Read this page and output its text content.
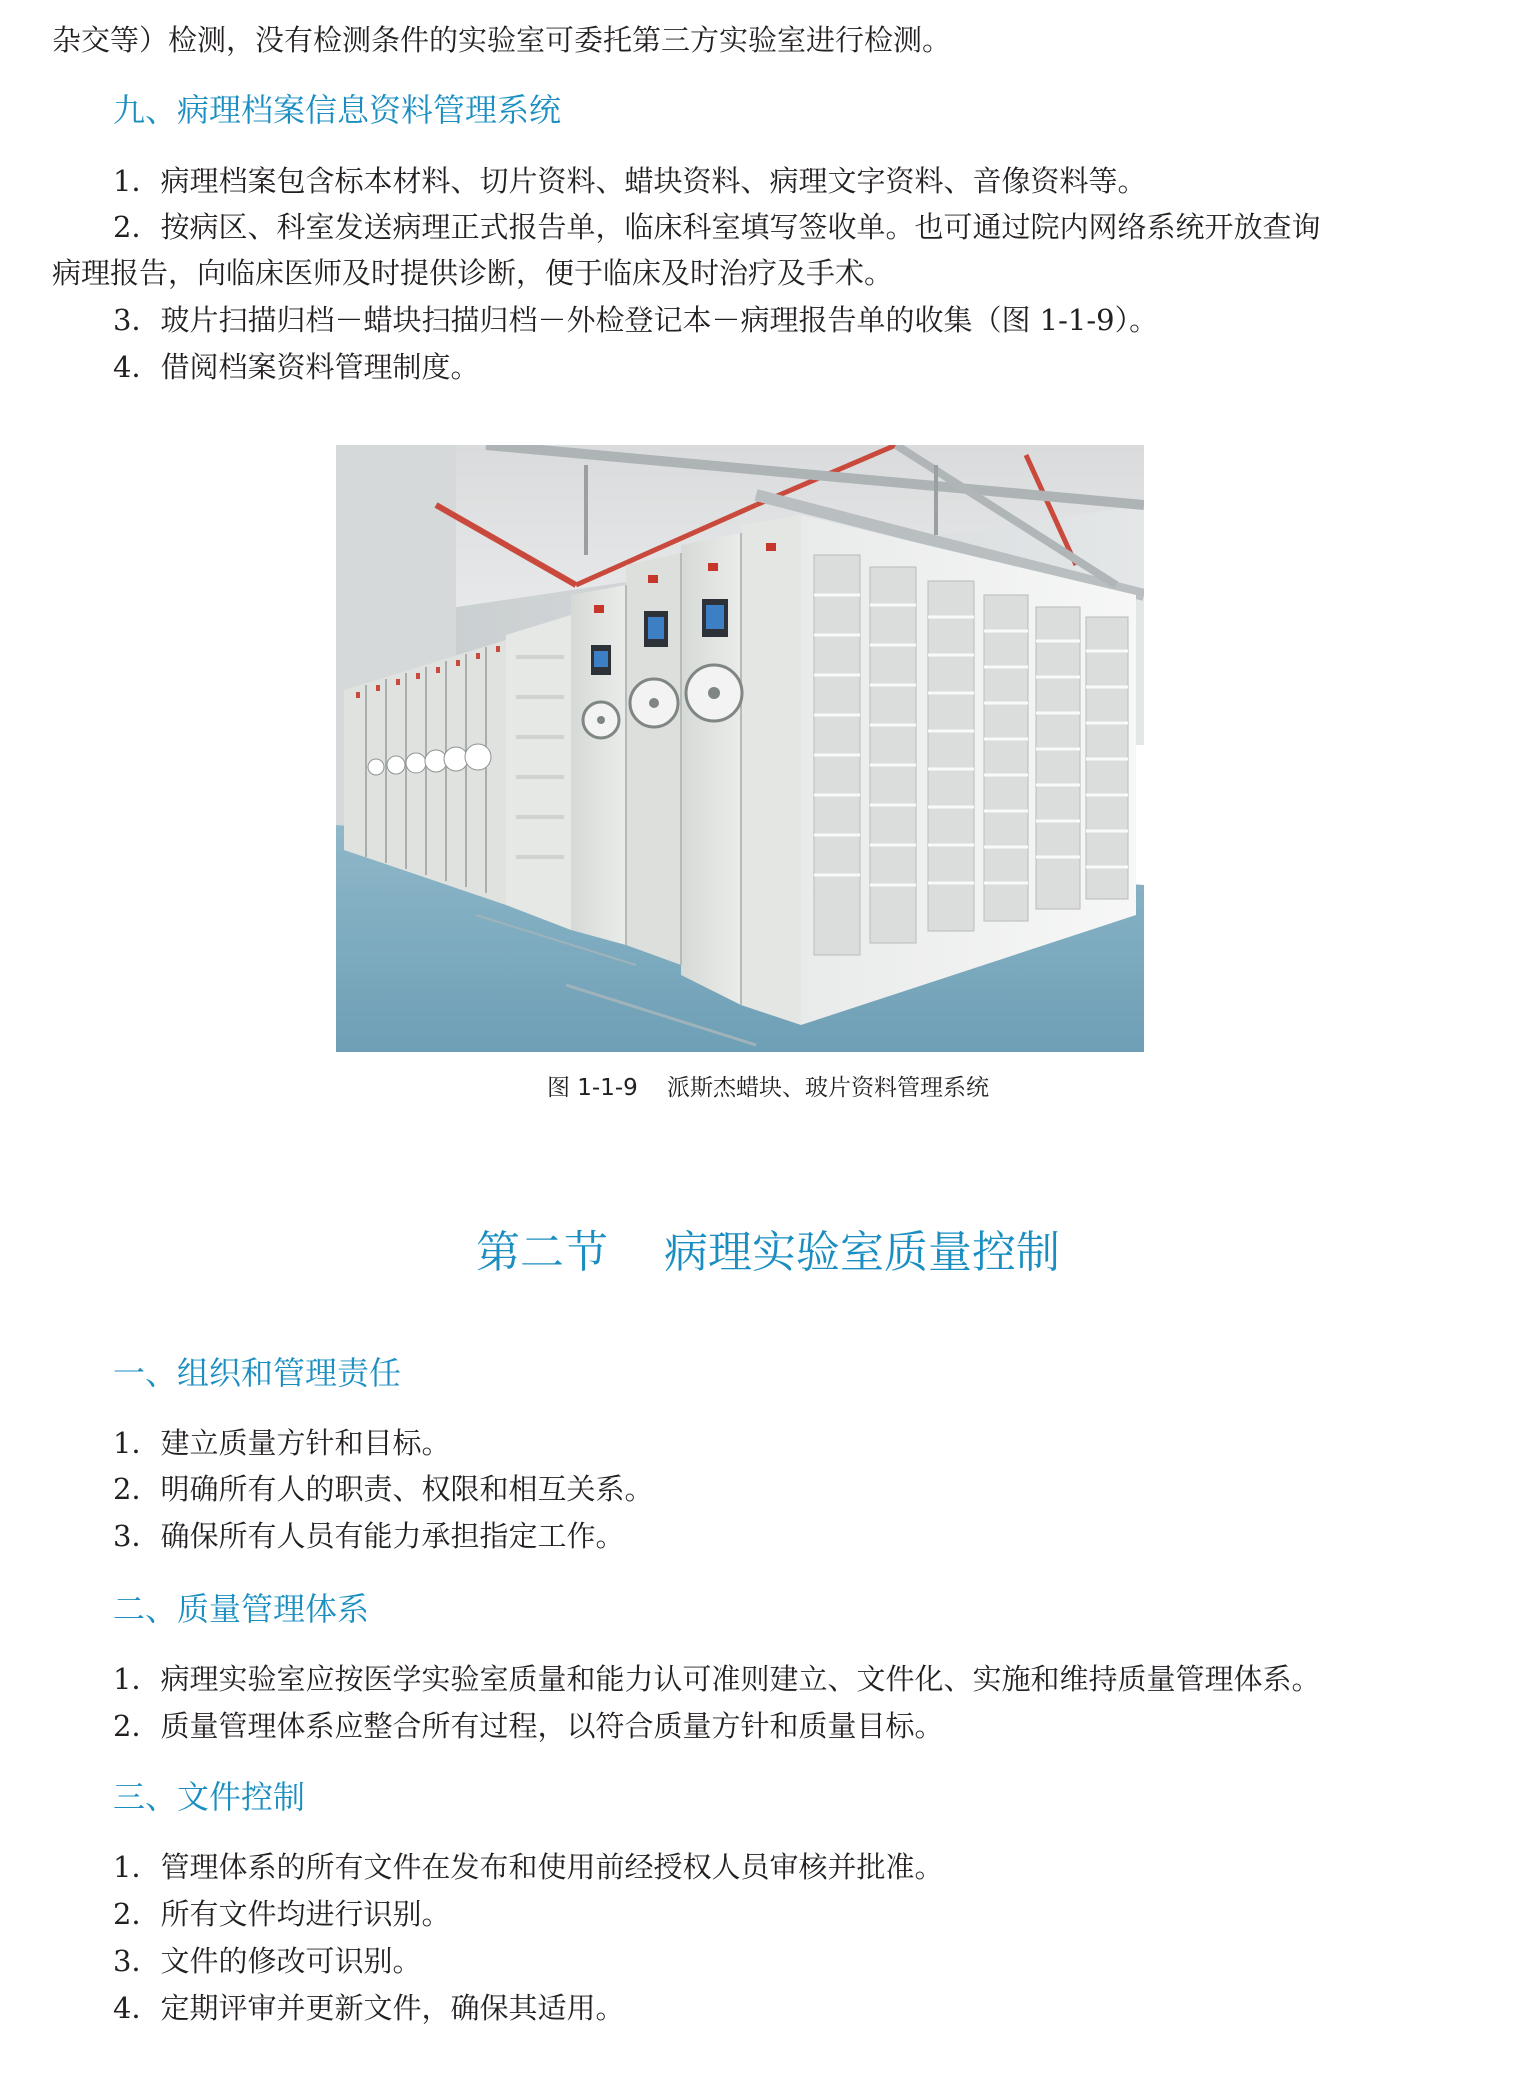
杂交等）检测，没有检测条件的实验室可委托第三方实验室进行检测。
九、病理档案信息资料管理系统
1．病理档案包含标本材料、切片资料、蜡块资料、病理文字资料、音像资料等。
2．按病区、科室发送病理正式报告单，临床科室填写签收单。也可通过院内网络系统开放查询
病理报告，向临床医师及时提供诊断，便于临床及时治疗及手术。
3．玻片扫描归档－蜡块扫描归档－外检登记本－病理报告单的收集（图 1-1-9）。
4．借阅档案资料管理制度。
图 1-1-9    派斯杰蜡块、玻片资料管理系统
第二节    病理实验室质量控制
一、组织和管理责任
1．建立质量方针和目标。
2．明确所有人的职责、权限和相互关系。
3．确保所有人员有能力承担指定工作。
二、质量管理体系
1．病理实验室应按医学实验室质量和能力认可准则建立、文件化、实施和维持质量管理体系。
2．质量管理体系应整合所有过程，以符合质量方针和质量目标。
三、文件控制
1．管理体系的所有文件在发布和使用前经授权人员审核并批准。
2．所有文件均进行识别。
3．文件的修改可识别。
4．定期评审并更新文件，确保其适用。
